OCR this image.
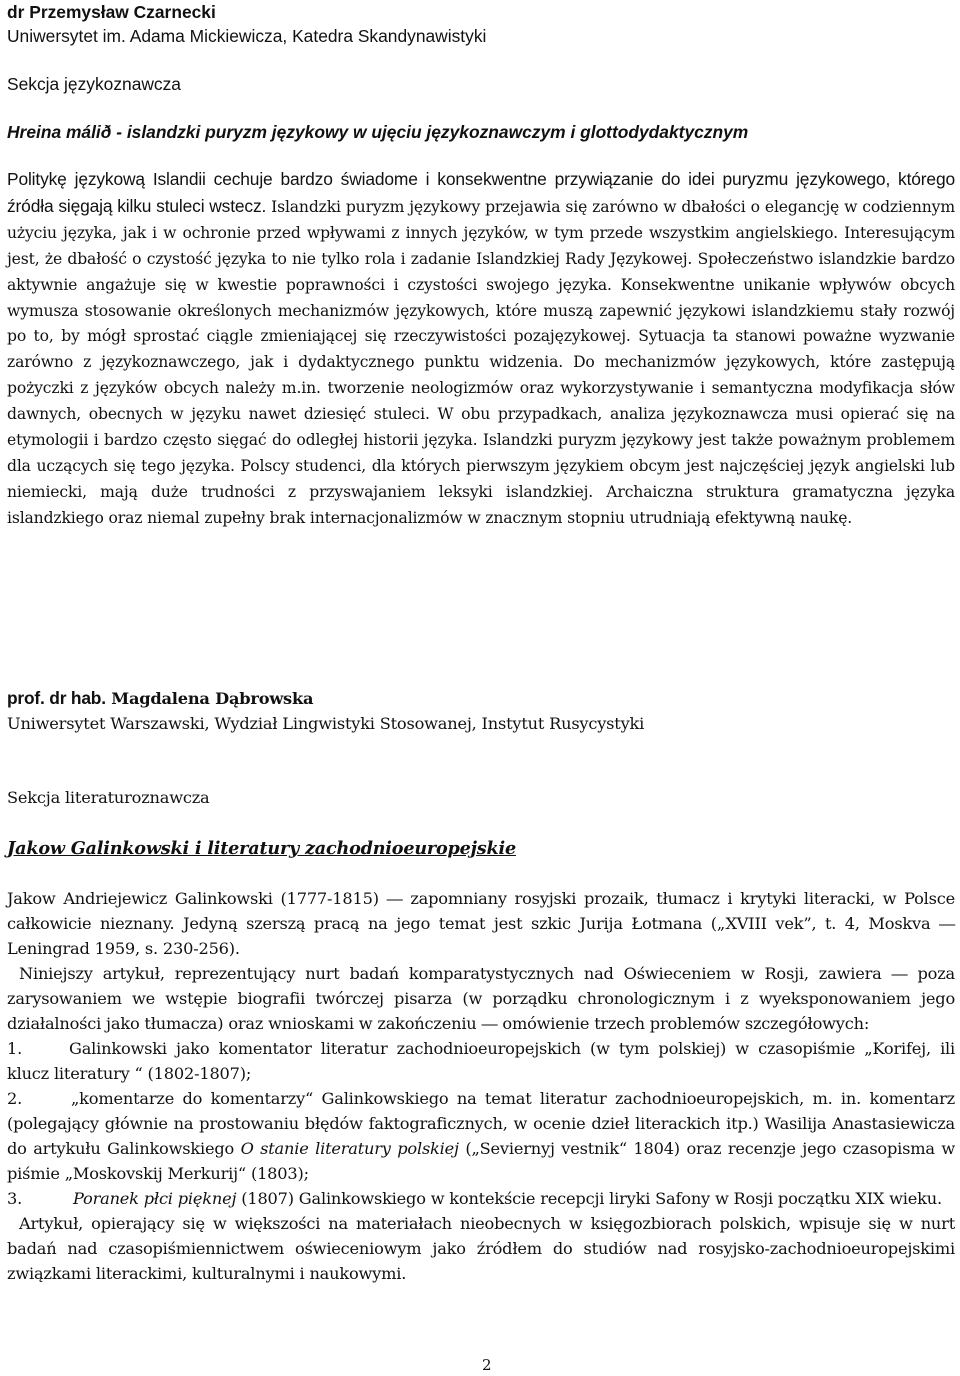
dr Przemysław Czarnecki
Uniwersytet im. Adama Mickiewicza, Katedra Skandynawistyki
Sekcja językoznawcza
Hreina málið - islandzki puryzm językowy w ujęciu językoznawczym i glottodydaktycznym
Politykę językową Islandii cechuje bardzo świadome i konsekwentne przywiązanie do idei puryzmu językowego, którego źródła sięgają kilku stuleci wstecz. Islandzki puryzm językowy przejawia się zarówno w dbałości o elegancję w codziennym użyciu języka, jak i w ochronie przed wpływami z innych języków, w tym przede wszystkim angielskiego. Interesującym jest, że dbałość o czystość języka to nie tylko rola i zadanie Islandzkiej Rady Językowej. Społeczeństwo islandzkie bardzo aktywnie angażuje się w kwestie poprawności i czystości swojego języka. Konsekwentne unikanie wpływów obcych wymusza stosowanie określonych mechanizmów językowych, które muszą zapewnić językowi islandzkiemu stały rozwój po to, by mógł sprostać ciągle zmieniającej się rzeczywistości pozajęzykowej. Sytuacja ta stanowi poważne wyzwanie zarówno z językoznawczego, jak i dydaktycznego punktu widzenia. Do mechanizmów językowych, które zastępują pożyczki z języków obcych należy m.in. tworzenie neologizmów oraz wykorzystywanie i semantyczna modyfikacja słów dawnych, obecnych w języku nawet dziesięć stuleci. W obu przypadkach, analiza językoznawcza musi opierać się na etymologii i bardzo często sięgać do odległej historii języka. Islandzki puryzm językowy jest także poważnym problemem dla uczących się tego języka. Polscy studenci, dla których pierwszym językiem obcym jest najczęściej język angielski lub niemiecki, mają duże trudności z przyswajaniem leksyki islandzkiej. Archaiczna struktura gramatyczna języka islandzkiego oraz niemal zupełny brak internacjonalizmów w znacznym stopniu utrudniają efektywną naukę.
prof. dr hab. Magdalena Dąbrowska
Uniwersytet Warszawski, Wydział Lingwistyki Stosowanej, Instytut Rusycystyki
Sekcja literaturoznawcza
Jakow Galinkowski i literatury zachodnioeuropejskie
Jakow Andriejewicz Galinkowski (1777-1815) ― zapomniany rosyjski prozaik, tłumacz i krytyki literacki, w Polsce całkowicie nieznany. Jedyną szerszą pracą na jego temat jest szkic Jurija Łotmana („XVIII vek”, t. 4, Moskva ― Leningrad 1959, s. 230-256).
Niniejszy artykuł, reprezentujący nurt badań komparatystycznych nad Oświeceniem w Rosji, zawiera ― poza zarysowaniem we wstępie biografii twórczej pisarza (w porządku chronologicznym i z wyeksponowaniem jego działalności jako tłumacza) oraz wnioskami w zakończeniu ― omówienie trzech problemów szczegółowych:
1.	Galinkowski jako komentator literatur zachodnioeuropejskich (w tym polskiej) w czasopiśmie „Korifej, ili klucz literatury “ (1802-1807);
2.	„komentarze do komentarzy“ Galinkowskiego na temat literatur zachodnioeuropejskich, m. in. komentarz (polegający głównie na prostowaniu błędów faktograficznych, w ocenie dzieł literackich itp.) Wasilija Anastasiewicza do artykułu Galinkowskiego O stanie literatury polskiej („Seviernyj vestnik“ 1804) oraz recenzje jego czasopisma w piśmie „Moskovskij Merkurij“ (1803);
3.	Poranek płci pięknej (1807) Galinkowskiego w kontekście recepcji liryki Safony w Rosji początku XIX wieku.
Artykuł, opierający się w większości na materiałach nieobecnych w księgozbiorach polskich, wpisuje się w nurt badań nad czasopiśmiennictwem oświeceniowym jako źródłem do studiów nad rosyjsko-zachodnioeuropejskimi związkami literackimi, kulturalnymi i naukowymi.
2
